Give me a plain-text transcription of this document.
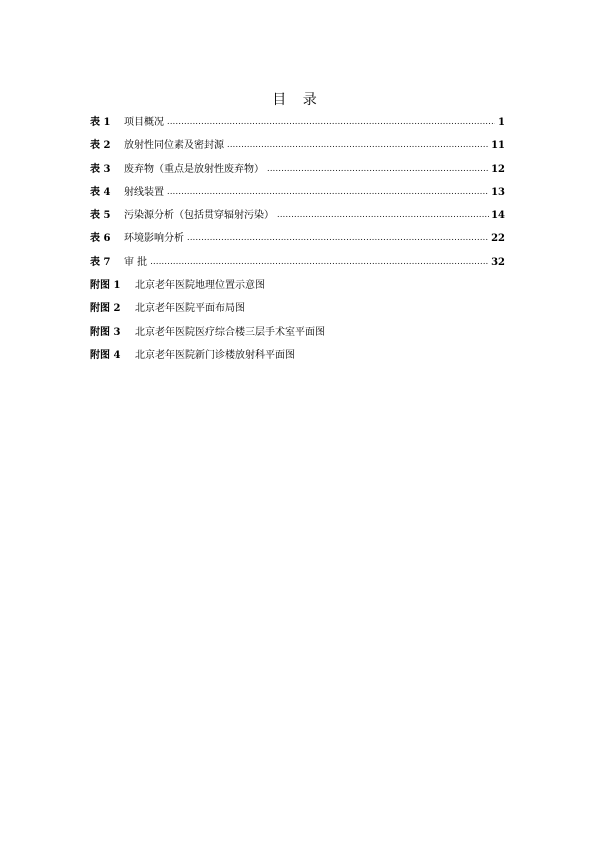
目 录
表 1	项目概况 .....	1
表 2	放射性同位素及密封源 .....	11
表 3	废弃物（重点是放射性废弃物） .....	12
表 4	射线装置 .....	13
表 5	污染源分析（包括贯穿辐射污染） .....	14
表 6	环境影响分析 .....	22
表 7	审 批 .....	32
附图 1	北京老年医院地理位置示意图
附图 2	北京老年医院平面布局图
附图 3	北京老年医院医疗综合楼三层手术室平面图
附图 4	北京老年医院新门诊楼放射科平面图
